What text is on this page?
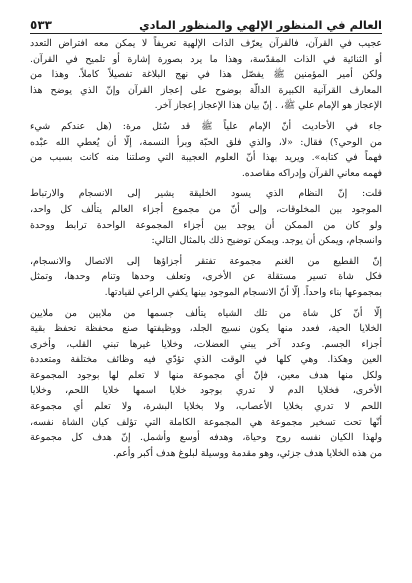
العالم في المنظور الإلهي والمنظور المادي
٥٣٣
عجيب في القرآن، فالقرآن يعرّف الذات الإلهية تعريفاً لا يمكن معه افتراض التعدد
أو الثنائية في الذات المقدّسة، وهذا ما يرد بصورة إشارة أو تلميح في القرآن.
ولكن أمير المؤمنين ﷺ يفصّل هذا في نهج البلاغة تفصيلاً كاملاً. وهذا من
المعارف القرآنية الكبيرة الدالّة بوضوح على إعجاز القرآن وإنّ الذي يوضح هذا
الإعجاز هو الإمام علي ﷺ، . إنّ بيان هذا الإعجاز إعجاز آخر.
جاء في الأحاديث أنّ الإمام علياً ﷺ قد سُئل مرة: (هل عندكم شيء
من الوحي؟) فقال: «لا، والذي فلق الحبّة وبرأ النسمة، إلّا أن يُعطي الله عبْده
فهماً في كتابه». ويريد بهذا أنّ العلوم العجيبة التي وصلتنا منه كانت بسبب من
فهمه معاني القرآن وإدراكه مقاصده.
قلت: إنّ النظام الذي يسود الخليقة يشير إلى الانسجام والارتباط
الموجود بين المخلوقات، وإلى أنّ من مجموع أجزاء العالم يتألف كل واحد،
ولو كان من الممكن أن يوجد بين أجزاء المجموعة الواحدة ترابط ووحدة
وانسجام، ويمكن أن يوجد. ويمكن توضيح ذلك بالمثال التالي:
إنّ القطيع من الغنم مجموعة تفتقر أجزاؤها إلى الاتصال والانسجام،
فكل شاة تسير مستقلة عن الأخرى، وتعلف وحدها وتنام وحدها، وتمثل
بمجموعها بناء واحداً. إلّا أنّ الانسجام الموجود بينها يكفي الراعي لقيادتها.
إلّا أنّ كل شاة من تلك الشياه يتألف جسمها من ملايين من ملايين
الخلايا الحية، فعدد منها يكون نسيج الجلد، ووظيفتها صنع محفظة تحفظ بقية
أجزاء الجسم. وعدد آخر يبني العضلات، وخلايا غيرها تبني القلب، وأخرى
العين وهكذا. وهي كلها في الوقت الذي تؤدّي فيه وظائف مختلفة ومتعددة
ولكل منها هدف معين، فإنّ أي مجموعة منها لا تعلم لها بوجود المجموعة
الأخرى، فخلايا الدم لا تدري بوجود خلايا اسمها خلايا اللحم، وخلايا
اللحم لا تدري بخلايا الأعصاب، ولا بخلايا البشرة، ولا تعلم أي مجموعة
أنّها تحت تسخير مجموعة هي المجموعة الكاملة التي تؤلف كيان الشاة نفسه،
ولهذا الكيان نفسه روح وحياة، وهدفه أوسع وأشمل. إنّ هدف كل مجموعة
من هذه الخلايا هدف جزئي، وهو مقدمة ووسيلة لبلوغ هدف أكبر وأعم.
